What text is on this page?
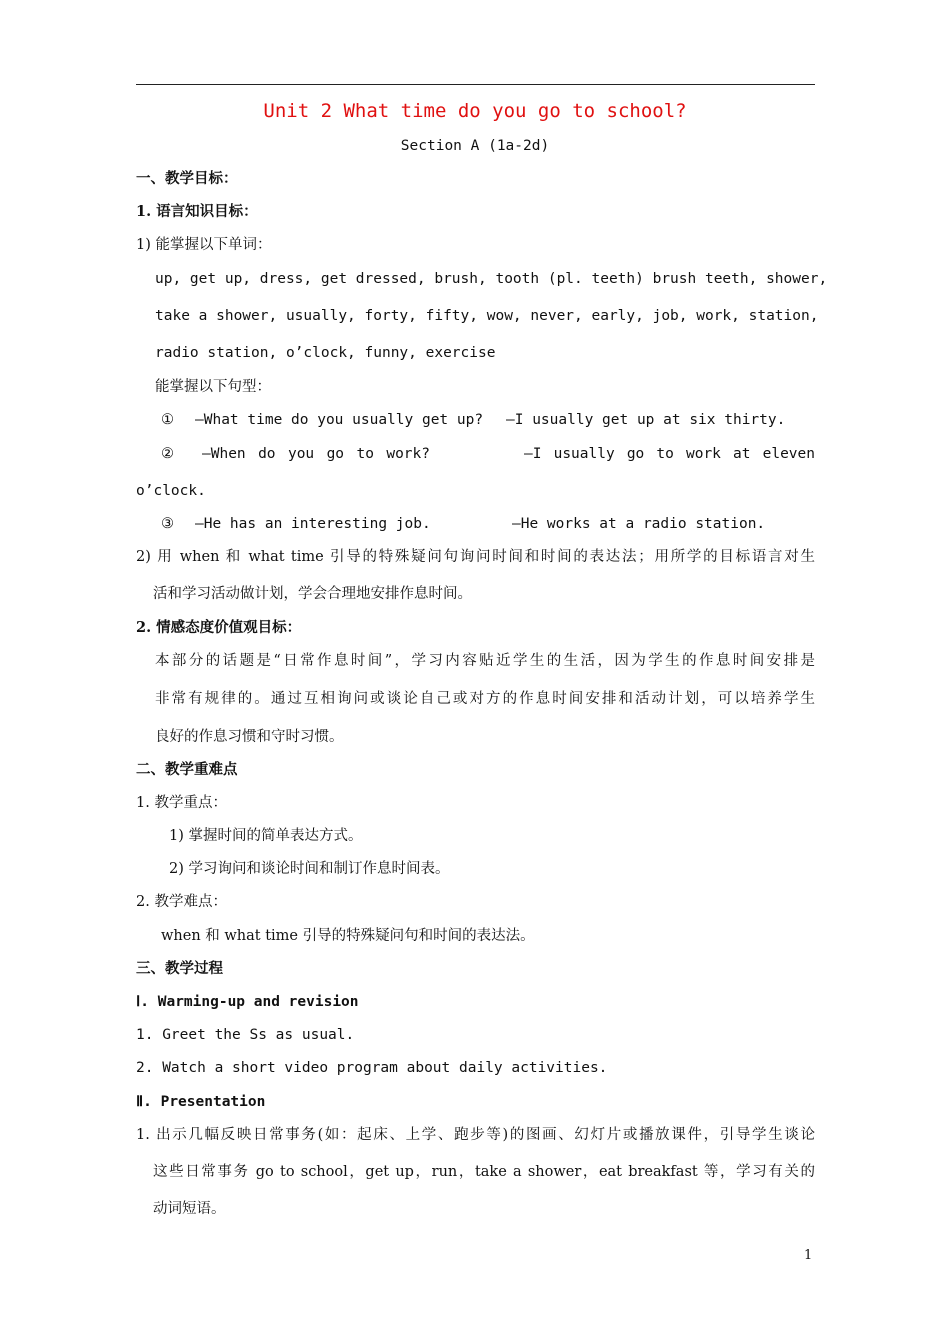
Unit 2 What time do you go to school?
Section A (1a-2d)
一、教学目标：
1. 语言知识目标：
1) 能掌握以下单词：
up, get up, dress, get dressed, brush, tooth (pl. teeth) brush teeth, shower,
take a shower, usually, forty, fifty, wow, never, early, job, work, station,
radio station, o’clock, funny, exercise
能掌握以下句型：
① —What time do you usually get up? —I usually get up at six thirty.
② —When do you go to work?	—I usually go to work at eleven
o’clock.
③ —He has an interesting job.	—He works at a radio station.
2) 用 when 和 what time 引导的特殊疑问句询问时间和时间的表达法；用所学的目标语言对生
活和学习活动做计划，学会合理地安排作息时间。
2. 情感态度价值观目标：
本部分的话题是“日常作息时间”，学习内容贴近学生的生活，因为学生的作息时间安排是
非常有规律的。通过互相询问或谈论自己或对方的作息时间安排和活动计划，可以培养学生
良好的作息习惯和守时习惯。
二、教学重难点
1. 教学重点：
1) 掌握时间的简单表达方式。
2) 学习询问和谈论时间和制订作息时间表。
2. 教学难点：
when 和 what time 引导的特殊疑问句和时间的表达法。
三、教学过程
Ⅰ. Warming-up and revision
1. Greet the Ss as usual.
2. Watch a short video program about daily activities.
Ⅱ. Presentation
1. 出示几幅反映日常事务(如：起床、上学、跑步等)的图画、幻灯片或播放课件，引导学生谈论
这些日常事务 go to school，get up，run，take a shower，eat breakfast 等，学习有关的
动词短语。
1
